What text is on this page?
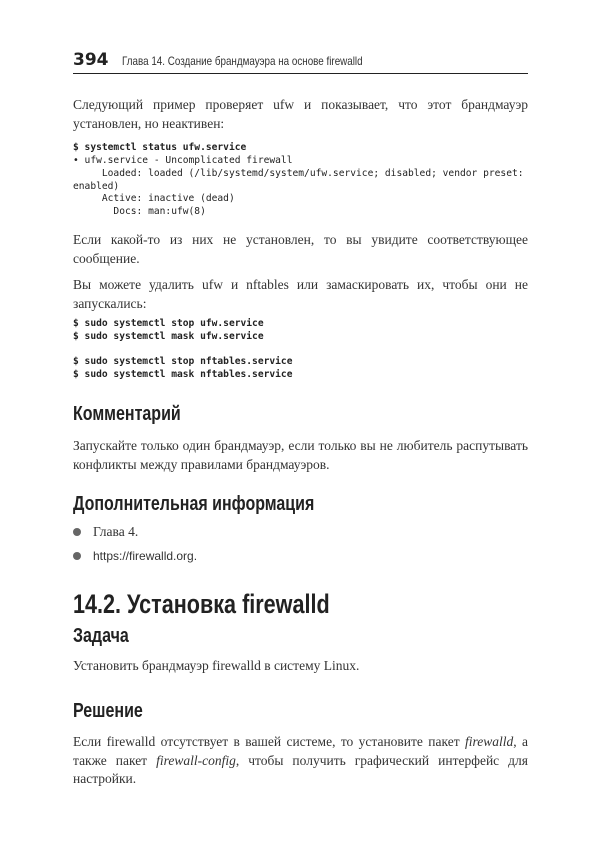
394 Глава 14. Создание брандмауэра на основе firewalld

Следующий пример проверяет ufw и показывает, что этот брандмауэр установлен, но неактивен:

$ systemctl status ufw.service
• ufw.service - Uncomplicated firewall
Loaded: loaded (/lib/systemd/system/ufw.service; disabled; vendor preset:
enabled)
Active: inactive (dead)
Docs: man:ufw(8)

Если какой-то из них не установлен, то вы увидите соответствующее сообщение.

Вы можете удалить ufw и nftables или замаскировать их, чтобы они не запускались:

$ sudo systemctl stop ufw.service
$ sudo systemctl mask ufw.service

$ sudo systemctl stop nftables.service
$ sudo systemctl mask nftables.service
Комментарий

Запускайте только один брандмауэр, если только вы не любитель распутывать конфликты между правилами брандмауэров.

Дополнительная информация
Глава 4.
https://firewalld.org.
14.2. Установка firewalld
Задача

Установить брандмауэр firewalld в систему Linux.

Решение

Если firewalld отсутствует в вашей системе, то установите пакет firewalld, а также пакет firewall-config, чтобы получить графический интерфейс для настройки.
